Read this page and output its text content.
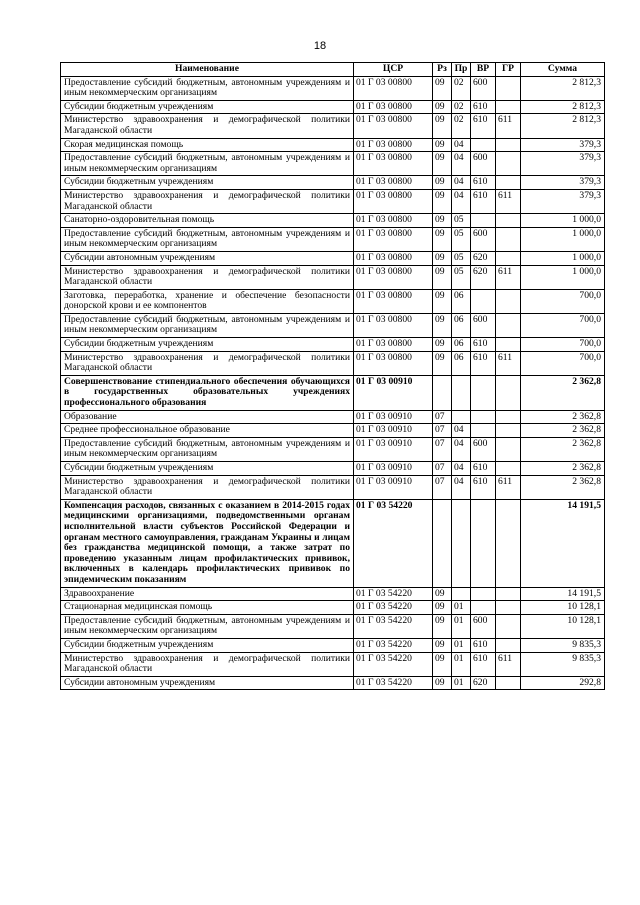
18
Наименование	ЦСР	Рз	Пр	ВР	ГР	Сумма
Предоставление субсидий бюджетным, автономным учреждениям и иным некоммерческим организациям	01 Г 03 00800	09	02	600		2 812,3
Субсидии бюджетным учреждениям	01 Г 03 00800	09	02	610		2 812,3
Министерство здравоохранения и демографической политики Магаданской области	01 Г 03 00800	09	02	610	611	2 812,3
Скорая медицинская помощь	01 Г 03 00800	09	04			379,3
Предоставление субсидий бюджетным, автономным учреждениям и иным некоммерческим организациям	01 Г 03 00800	09	04	600		379,3
Субсидии бюджетным учреждениям	01 Г 03 00800	09	04	610		379,3
Министерство здравоохранения и демографической политики Магаданской области	01 Г 03 00800	09	04	610	611	379,3
Санаторно-оздоровительная помощь	01 Г 03 00800	09	05			1 000,0
Предоставление субсидий бюджетным, автономным учреждениям и иным некоммерческим организациям	01 Г 03 00800	09	05	600		1 000,0
Субсидии автономным учреждениям	01 Г 03 00800	09	05	620		1 000,0
Министерство здравоохранения и демографической политики Магаданской области	01 Г 03 00800	09	05	620	611	1 000,0
Заготовка, переработка, хранение и обеспечение безопасности донорской крови и ее компонентов	01 Г 03 00800	09	06			700,0
Предоставление субсидий бюджетным, автономным учреждениям и иным некоммерческим организациям	01 Г 03 00800	09	06	600		700,0
Субсидии бюджетным учреждениям	01 Г 03 00800	09	06	610		700,0
Министерство здравоохранения и демографической политики Магаданской области	01 Г 03 00800	09	06	610	611	700,0
Совершенствование стипендиального обеспечения обучающихся в государственных образовательных учреждениях профессионального образования	01 Г 03 00910					2 362,8
Образование	01 Г 03 00910	07				2 362,8
Среднее профессиональное образование	01 Г 03 00910	07	04			2 362,8
Предоставление субсидий бюджетным, автономным учреждениям и иным некоммерческим организациям	01 Г 03 00910	07	04	600		2 362,8
Субсидии бюджетным учреждениям	01 Г 03 00910	07	04	610		2 362,8
Министерство здравоохранения и демографической политики Магаданской области	01 Г 03 00910	07	04	610	611	2 362,8
Компенсация расходов, связанных с оказанием в 2014-2015 годах медицинскими организациями, подведомственными органам исполнительной власти субъектов Российской Федерации и органам местного самоуправления, гражданам Украины и лицам без гражданства медицинской помощи, а также затрат по проведению указанным лицам профилактических прививок, включенных в календарь профилактических прививок по эпидемическим показаниям	01 Г 03 54220					14 191,5
Здравоохранение	01 Г 03 54220	09				14 191,5
Стационарная медицинская помощь	01 Г 03 54220	09	01			10 128,1
Предоставление субсидий бюджетным, автономным учреждениям и иным некоммерческим организациям	01 Г 03 54220	09	01	600		10 128,1
Субсидии бюджетным учреждениям	01 Г 03 54220	09	01	610		9 835,3
Министерство здравоохранения и демографической политики Магаданской области	01 Г 03 54220	09	01	610	611	9 835,3
Субсидии автономным учреждениям	01 Г 03 54220	09	01	620		292,8
